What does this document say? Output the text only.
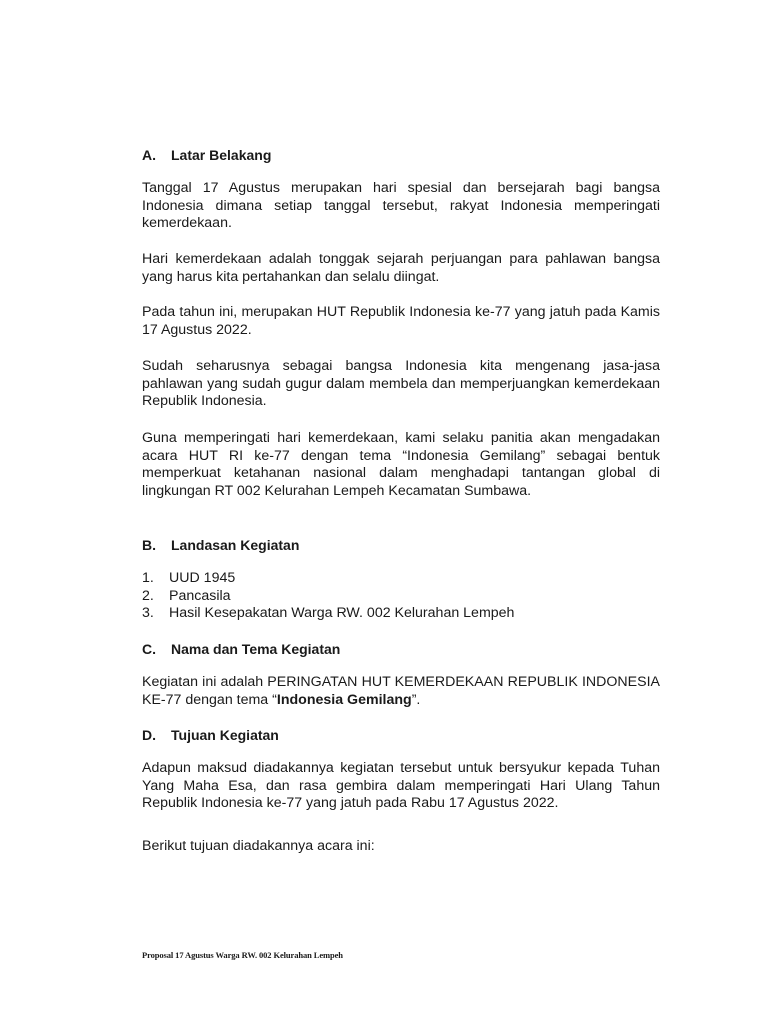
A. Latar Belakang

Tanggal 17 Agustus merupakan hari spesial dan bersejarah bagi bangsa Indonesia dimana setiap tanggal tersebut, rakyat Indonesia memperingati kemerdekaan.

Hari kemerdekaan adalah tonggak sejarah perjuangan para pahlawan bangsa yang harus kita pertahankan dan selalu diingat.

Pada tahun ini, merupakan HUT Republik Indonesia ke-77 yang jatuh pada Kamis 17 Agustus 2022.

Sudah seharusnya sebagai bangsa Indonesia kita mengenang jasa-jasa pahlawan yang sudah gugur dalam membela dan memperjuangkan kemerdekaan Republik Indonesia.

Guna memperingati hari kemerdekaan, kami selaku panitia akan mengadakan acara HUT RI ke-77 dengan tema “Indonesia Gemilang” sebagai bentuk memperkuat ketahanan nasional dalam menghadapi tantangan global di lingkungan RT 002 Kelurahan Lempeh Kecamatan Sumbawa.

B. Landasan Kegiatan
1.	UUD 1945
2.	Pancasila
3.	Hasil Kesepakatan Warga RW. 002 Kelurahan Lempeh
C. Nama dan Tema Kegiatan

Kegiatan ini adalah PERINGATAN HUT KEMERDEKAAN REPUBLIK INDONESIA KE-77 dengan tema “Indonesia Gemilang”.

D. Tujuan Kegiatan

Adapun maksud diadakannya kegiatan tersebut untuk bersyukur kepada Tuhan Yang Maha Esa, dan rasa gembira dalam memperingati Hari Ulang Tahun Republik Indonesia ke-77 yang jatuh pada Rabu 17 Agustus 2022.

Berikut tujuan diadakannya acara ini:

Proposal 17 Agustus Warga RW. 002 Kelurahan Lempeh
